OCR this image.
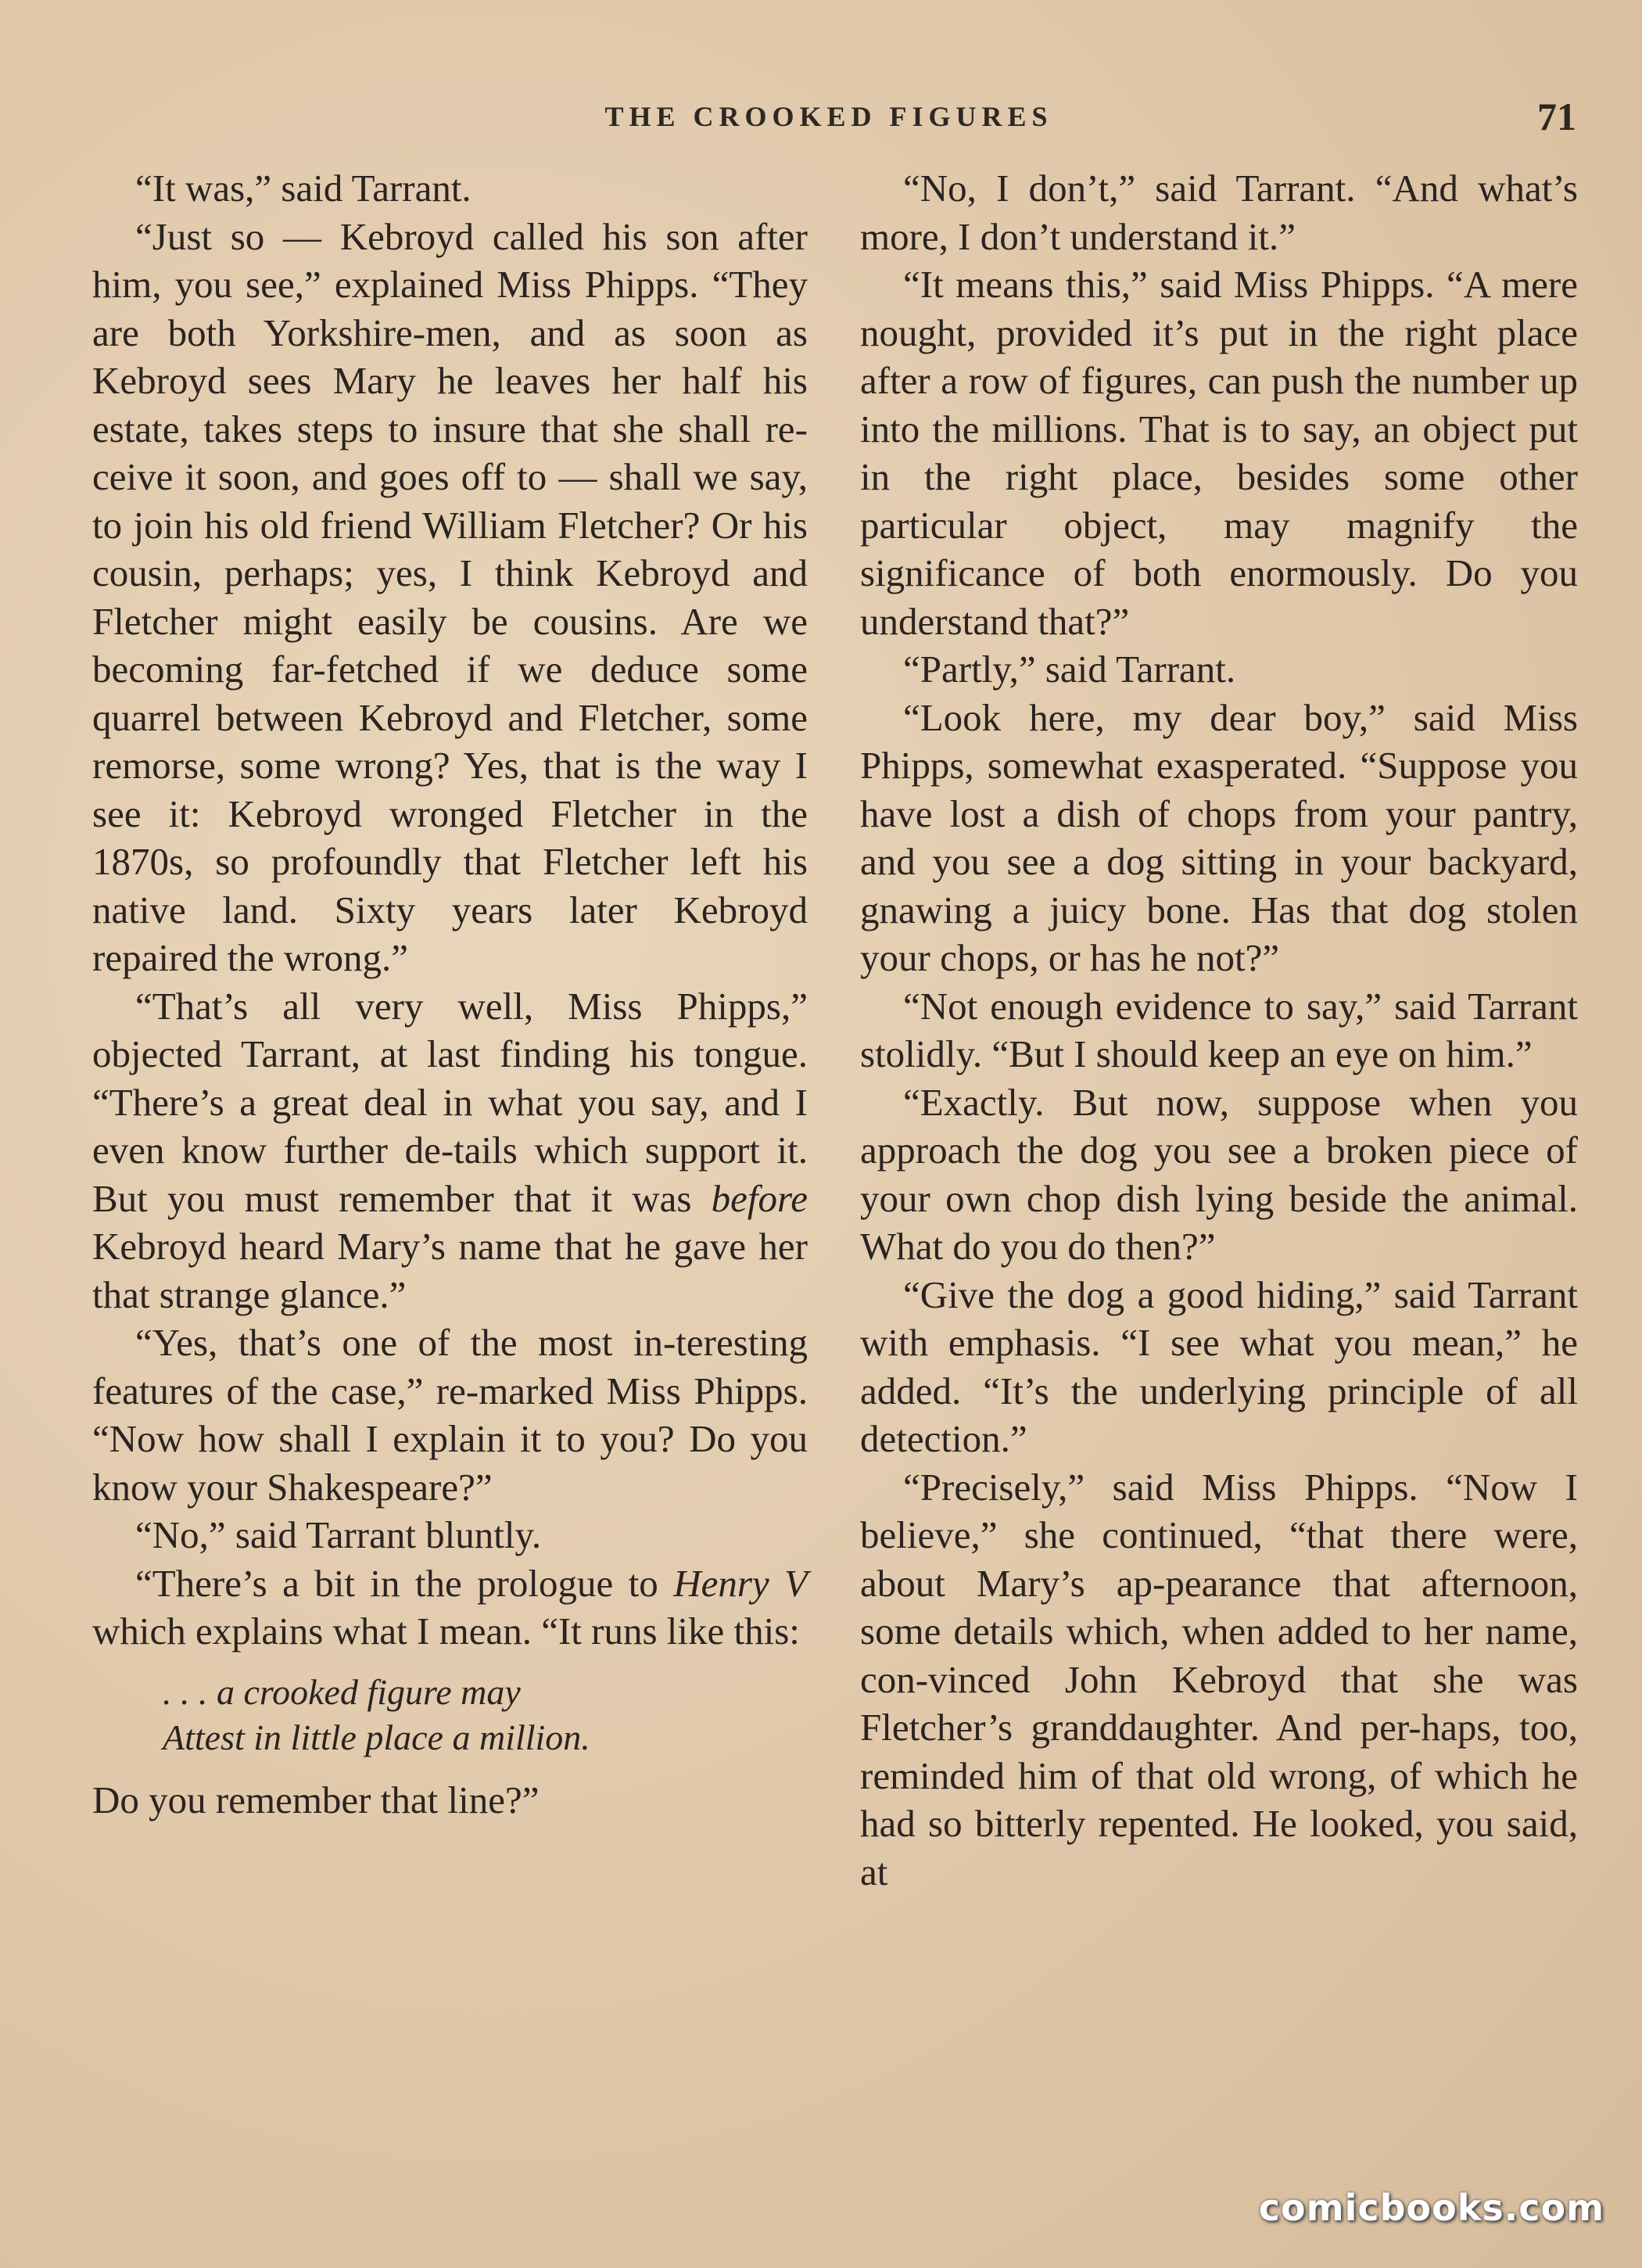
THE CROOKED FIGURES	71

“It was,” said Tarrant.

“Just so — Kebroyd called his son after him, you see,” explained Miss Phipps. “They are both Yorkshire-men, and as soon as Kebroyd sees Mary he leaves her half his estate, takes steps to insure that she shall re-ceive it soon, and goes off to — shall we say, to join his old friend William Fletcher? Or his cousin, perhaps; yes, I think Kebroyd and Fletcher might easily be cousins. Are we becoming far-fetched if we deduce some quarrel between Kebroyd and Fletcher, some remorse, some wrong? Yes, that is the way I see it: Kebroyd wronged Fletcher in the 1870s, so profoundly that Fletcher left his native land. Sixty years later Kebroyd repaired the wrong.”

“That’s all very well, Miss Phipps,” objected Tarrant, at last finding his tongue. “There’s a great deal in what you say, and I even know further de-tails which support it. But you must remember that it was before Kebroyd heard Mary’s name that he gave her that strange glance.”

“Yes, that’s one of the most in-teresting features of the case,” re-marked Miss Phipps. “Now how shall I explain it to you? Do you know your Shakespeare?”

“No,” said Tarrant bluntly.

“There’s a bit in the prologue to Henry V which explains what I mean. “It runs like this:

. . . a crooked figure may
Attest in little place a million.

Do you remember that line?”

“No, I don’t,” said Tarrant. “And what’s more, I don’t understand it.”

“It means this,” said Miss Phipps. “A mere nought, provided it’s put in the right place after a row of figures, can push the number up into the millions. That is to say, an object put in the right place, besides some other particular object, may magnify the significance of both enormously. Do you understand that?”

“Partly,” said Tarrant.

“Look here, my dear boy,” said Miss Phipps, somewhat exasperated. “Suppose you have lost a dish of chops from your pantry, and you see a dog sitting in your backyard, gnawing a juicy bone. Has that dog stolen your chops, or has he not?”

“Not enough evidence to say,” said Tarrant stolidly. “But I should keep an eye on him.”

“Exactly. But now, suppose when you approach the dog you see a broken piece of your own chop dish lying beside the animal. What do you do then?”

“Give the dog a good hiding,” said Tarrant with emphasis. “I see what you mean,” he added. “It’s the underlying principle of all detection.”

“Precisely,” said Miss Phipps. “Now I believe,” she continued, “that there were, about Mary’s ap-pearance that afternoon, some details which, when added to her name, con-vinced John Kebroyd that she was Fletcher’s granddaughter. And per-haps, too, reminded him of that old wrong, of which he had so bitterly repented. He looked, you said, at

comicbooks.com
